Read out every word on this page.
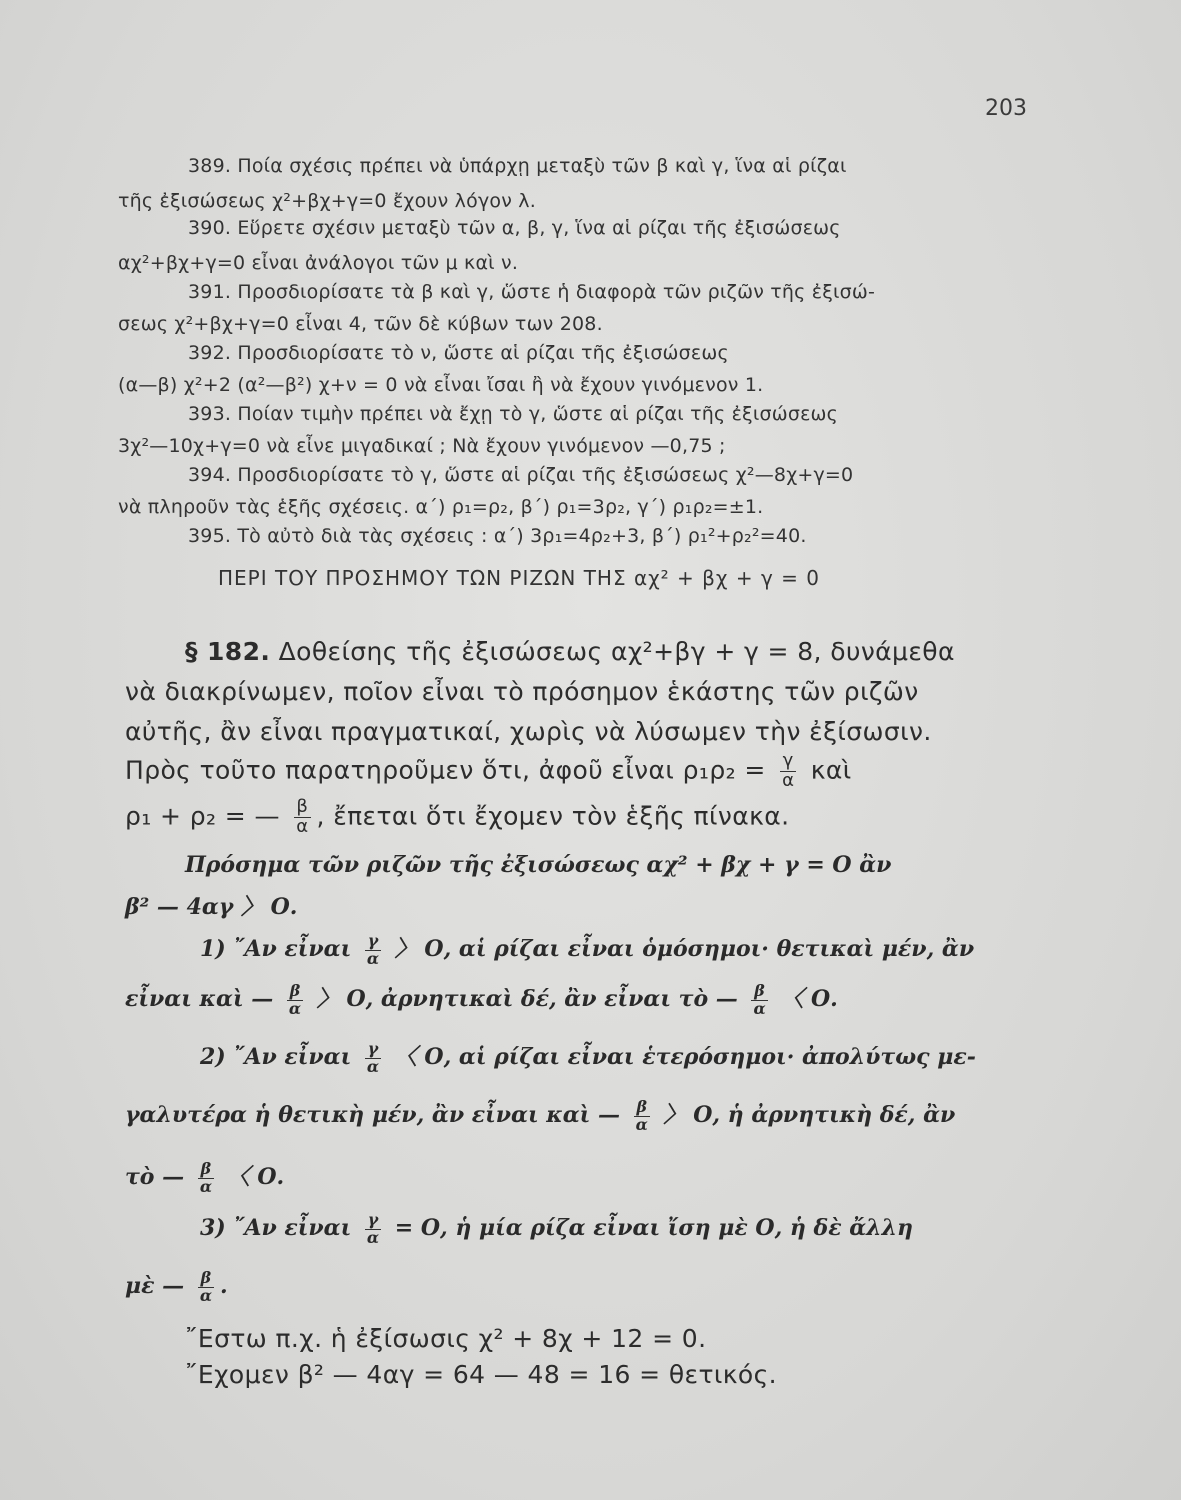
203
389. Ποία σχέσις πρέπει νὰ ὑπάρχῃ μεταξὺ τῶν β καὶ γ, ἵνα αἱ ρίζαι
τῆς ἐξισώσεως χ²+βχ+γ=0 ἔχουν λόγον λ.
390. Εὕρετε σχέσιν μεταξὺ τῶν α, β, γ, ἵνα αἱ ρίζαι τῆς ἐξισώσεως
αχ²+βχ+γ=0 εἶναι ἀνάλογοι τῶν μ καὶ ν.
391. Προσδιορίσατε τὰ β καὶ γ, ὥστε ἡ διαφορὰ τῶν ριζῶν τῆς ἐξισώ-
σεως χ²+βχ+γ=0 εἶναι 4, τῶν δὲ κύβων των 208.
392. Προσδιορίσατε τὸ ν, ὥστε αἱ ρίζαι τῆς ἐξισώσεως
(α—β) χ²+2 (α²—β²) χ+ν = 0 νὰ εἶναι ἴσαι ἢ νὰ ἔχουν γινόμενον 1.
393. Ποίαν τιμὴν πρέπει νὰ ἔχῃ τὸ γ, ὥστε αἱ ρίζαι τῆς ἐξισώσεως
3χ²—10χ+γ=0 νὰ εἶνε μιγαδικαί ; Νὰ ἔχουν γινόμενον —0,75 ;
394. Προσδιορίσατε τὸ γ, ὥστε αἱ ρίζαι τῆς ἐξισώσεως χ²—8χ+γ=0
νὰ πληροῦν τὰς ἑξῆς σχέσεις. α΄) ρ₁=ρ₂, β΄) ρ₁=3ρ₂, γ΄) ρ₁ρ₂=±1.
395. Τὸ αὐτὸ διὰ τὰς σχέσεις : α΄) 3ρ₁=4ρ₂+3, β΄) ρ₁²+ρ₂²=40.
ΠΕΡΙ ΤΟΥ ΠΡΟΣΗΜΟΥ ΤΩΝ ΡΙΖΩΝ ΤΗΣ αχ² + βχ + γ = 0
§ 182. Δοθείσης τῆς ἐξισώσεως αχ²+βγ + γ = 8, δυνάμεθα
νὰ διακρίνωμεν, ποῖον εἶναι τὸ πρόσημον ἑκάστης τῶν ριζῶν
αὐτῆς, ἂν εἶναι πραγματικαί, χωρὶς νὰ λύσωμεν τὴν ἐξίσωσιν.
Πρὸς τοῦτο παρατηροῦμεν ὅτι, ἀφοῦ εἶναι $\rho_1\rho_2 = \frac{\gamma}{\alpha}$ καὶ
ρ₁ + ρ₂ = — $\frac{\beta}{\alpha}$ , ἔπεται ὅτι ἔχομεν τὸν ἑξῆς πίνακα.
Πρόσημα τῶν ριζῶν τῆς ἐξισώσεως αχ² + βχ + γ = Ο ἂν
β² — 4αγ 〉 Ο.
1) ῎Αν εἶναι $\frac{\gamma}{\alpha}$ 〉 Ο, αἱ ρίζαι εἶναι ὁμόσημοι· θετικαὶ μέν, ἂν
εἶναι καὶ — $\frac{\beta}{\alpha}$ 〉 Ο, ἀρνητικαὶ δέ, ἂν εἶναι τὸ — $\frac{\beta}{\alpha}$ 〈 Ο.
2) ῎Αν εἶναι $\frac{\gamma}{\alpha}$ 〈 Ο, αἱ ρίζαι εἶναι ἑτερόσημοι· ἀπολύτως με-
γαλυτέρα ἡ θετικὴ μέν, ἂν εἶναι καὶ — $\frac{\beta}{\alpha}$ 〉 Ο, ἡ ἀρνητικὴ δέ, ἂν
τὸ — $\frac{\beta}{\alpha}$ 〈 Ο.
3) ῎Αν εἶναι $\frac{\gamma}{\alpha} = O$, ἡ μία ρίζα εἶναι ἴση μὲ Ο, ἡ δὲ ἄλλη
μὲ — $\frac{\beta}{\alpha}$ .
῎Εστω π.χ. ἡ ἐξίσωσις χ² + 8χ + 12 = 0.
῎Εχομεν β² — 4αγ = 64 — 48 = 16 = θετικός.
